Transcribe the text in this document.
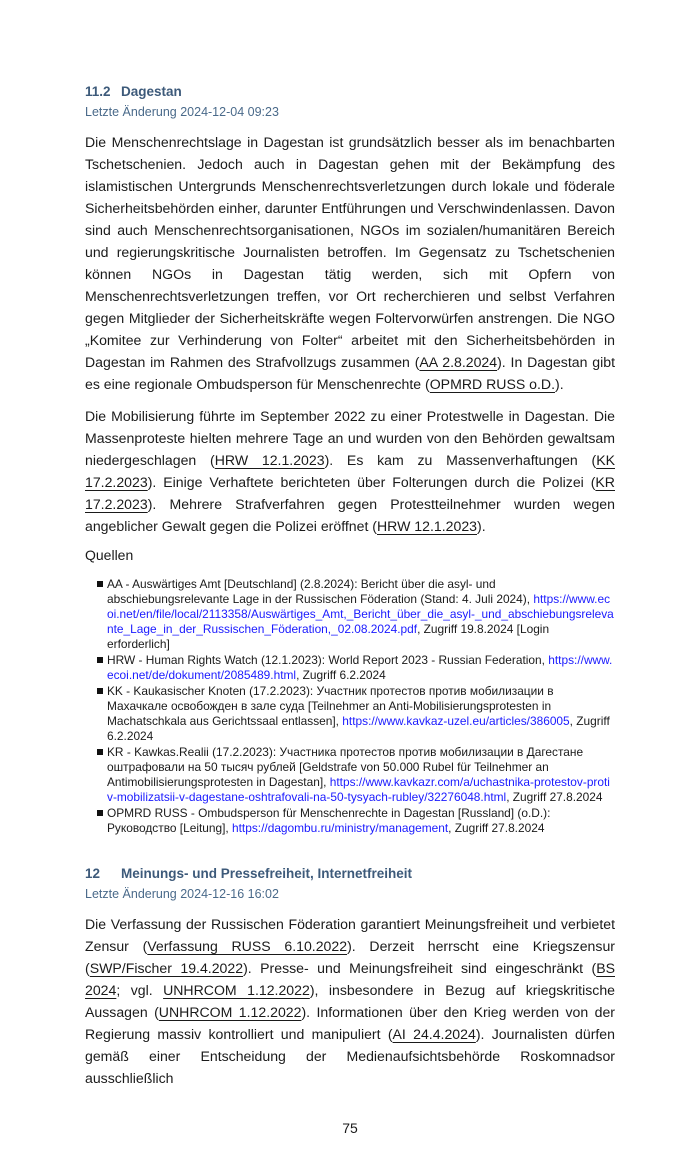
11.2 Dagestan
Letzte Änderung 2024-12-04 09:23

Die Menschenrechtslage in Dagestan ist grundsätzlich besser als im benachbarten Tschetschenien. Jedoch auch in Dagestan gehen mit der Bekämpfung des islamistischen Untergrunds Menschenrechtsverletzungen durch lokale und föderale Sicherheitsbehörden einher, darunter Entführungen und Verschwindenlassen. Davon sind auch Menschenrechtsorganisationen, NGOs im sozialen/humanitären Bereich und regierungskritische Journalisten betroffen. Im Gegensatz zu Tschetschenien können NGOs in Dagestan tätig werden, sich mit Opfern von Menschenrechtsverletzungen treffen, vor Ort recherchieren und selbst Verfahren gegen Mitglieder der Sicherheitskräfte wegen Foltervorwürfen anstrengen. Die NGO „Komitee zur Verhinderung von Folter“ arbeitet mit den Sicherheitsbehörden in Dagestan im Rahmen des Strafvollzugs zusammen (AA 2.8.2024). In Dagestan gibt es eine regionale Ombudsperson für Menschenrechte (OPMRD RUSS o.D.).

Die Mobilisierung führte im September 2022 zu einer Protestwelle in Dagestan. Die Massenproteste hielten mehrere Tage an und wurden von den Behörden gewaltsam niedergeschlagen (HRW 12.1.2023). Es kam zu Massenverhaftungen (KK 17.2.2023). Einige Verhaftete berichteten über Folterungen durch die Polizei (KR 17.2.2023). Mehrere Strafverfahren gegen Protestteilnehmer wurden wegen angeblicher Gewalt gegen die Polizei eröffnet (HRW 12.1.2023).

Quellen
AA - Auswärtiges Amt [Deutschland] (2.8.2024): Bericht über die asyl- und abschiebungsrelevante Lage in der Russischen Föderation (Stand: 4. Juli 2024), https://www.ecoi.net/en/file/local/2113358/Auswärtiges_Amt,_Bericht_über_die_asyl-_und_abschiebungsrelevante_Lage_in_der_Russischen_Föderation,_02.08.2024.pdf, Zugriff 19.8.2024 [Login erforderlich]
HRW - Human Rights Watch (12.1.2023): World Report 2023 - Russian Federation, https://www.ecoi.net/de/dokument/2085489.html, Zugriff 6.2.2024
KK - Kaukasischer Knoten (17.2.2023): Участник протестов против мобилизации в Махачкале освобожден в зале суда [Teilnehmer an Anti-Mobilisierungsprotesten in Machatschkala aus Gerichtssaal entlassen], https://www.kavkaz-uzel.eu/articles/386005, Zugriff 6.2.2024
KR - Kawkas.Realii (17.2.2023): Участника протестов против мобилизации в Дагестане оштрафовали на 50 тысяч рублей [Geldstrafe von 50.000 Rubel für Teilnehmer an Antimobilisierungsprotesten in Dagestan], https://www.kavkazr.com/a/uchastnika-protestov-protiv-mobilizatsii-v-dagestane-oshtrafovali-na-50-tysyach-rubley/32276048.html, Zugriff 27.8.2024
OPMRD RUSS - Ombudsperson für Menschenrechte in Dagestan [Russland] (o.D.): Руководство [Leitung], https://dagombu.ru/ministry/management, Zugriff 27.8.2024
12 Meinungs- und Pressefreiheit, Internetfreiheit
Letzte Änderung 2024-12-16 16:02

Die Verfassung der Russischen Föderation garantiert Meinungsfreiheit und verbietet Zensur (Verfassung RUSS 6.10.2022). Derzeit herrscht eine Kriegszensur (SWP/Fischer 19.4.2022). Presse- und Meinungsfreiheit sind eingeschränkt (BS 2024; vgl. UNHRCOM 1.12.2022), insbesondere in Bezug auf kriegskritische Aussagen (UNHRCOM 1.12.2022). Informationen über den Krieg werden von der Regierung massiv kontrolliert und manipuliert (AI 24.4.2024). Journalisten dürfen gemäß einer Entscheidung der Medienaufsichtsbehörde Roskomnadsor ausschließlich

75
